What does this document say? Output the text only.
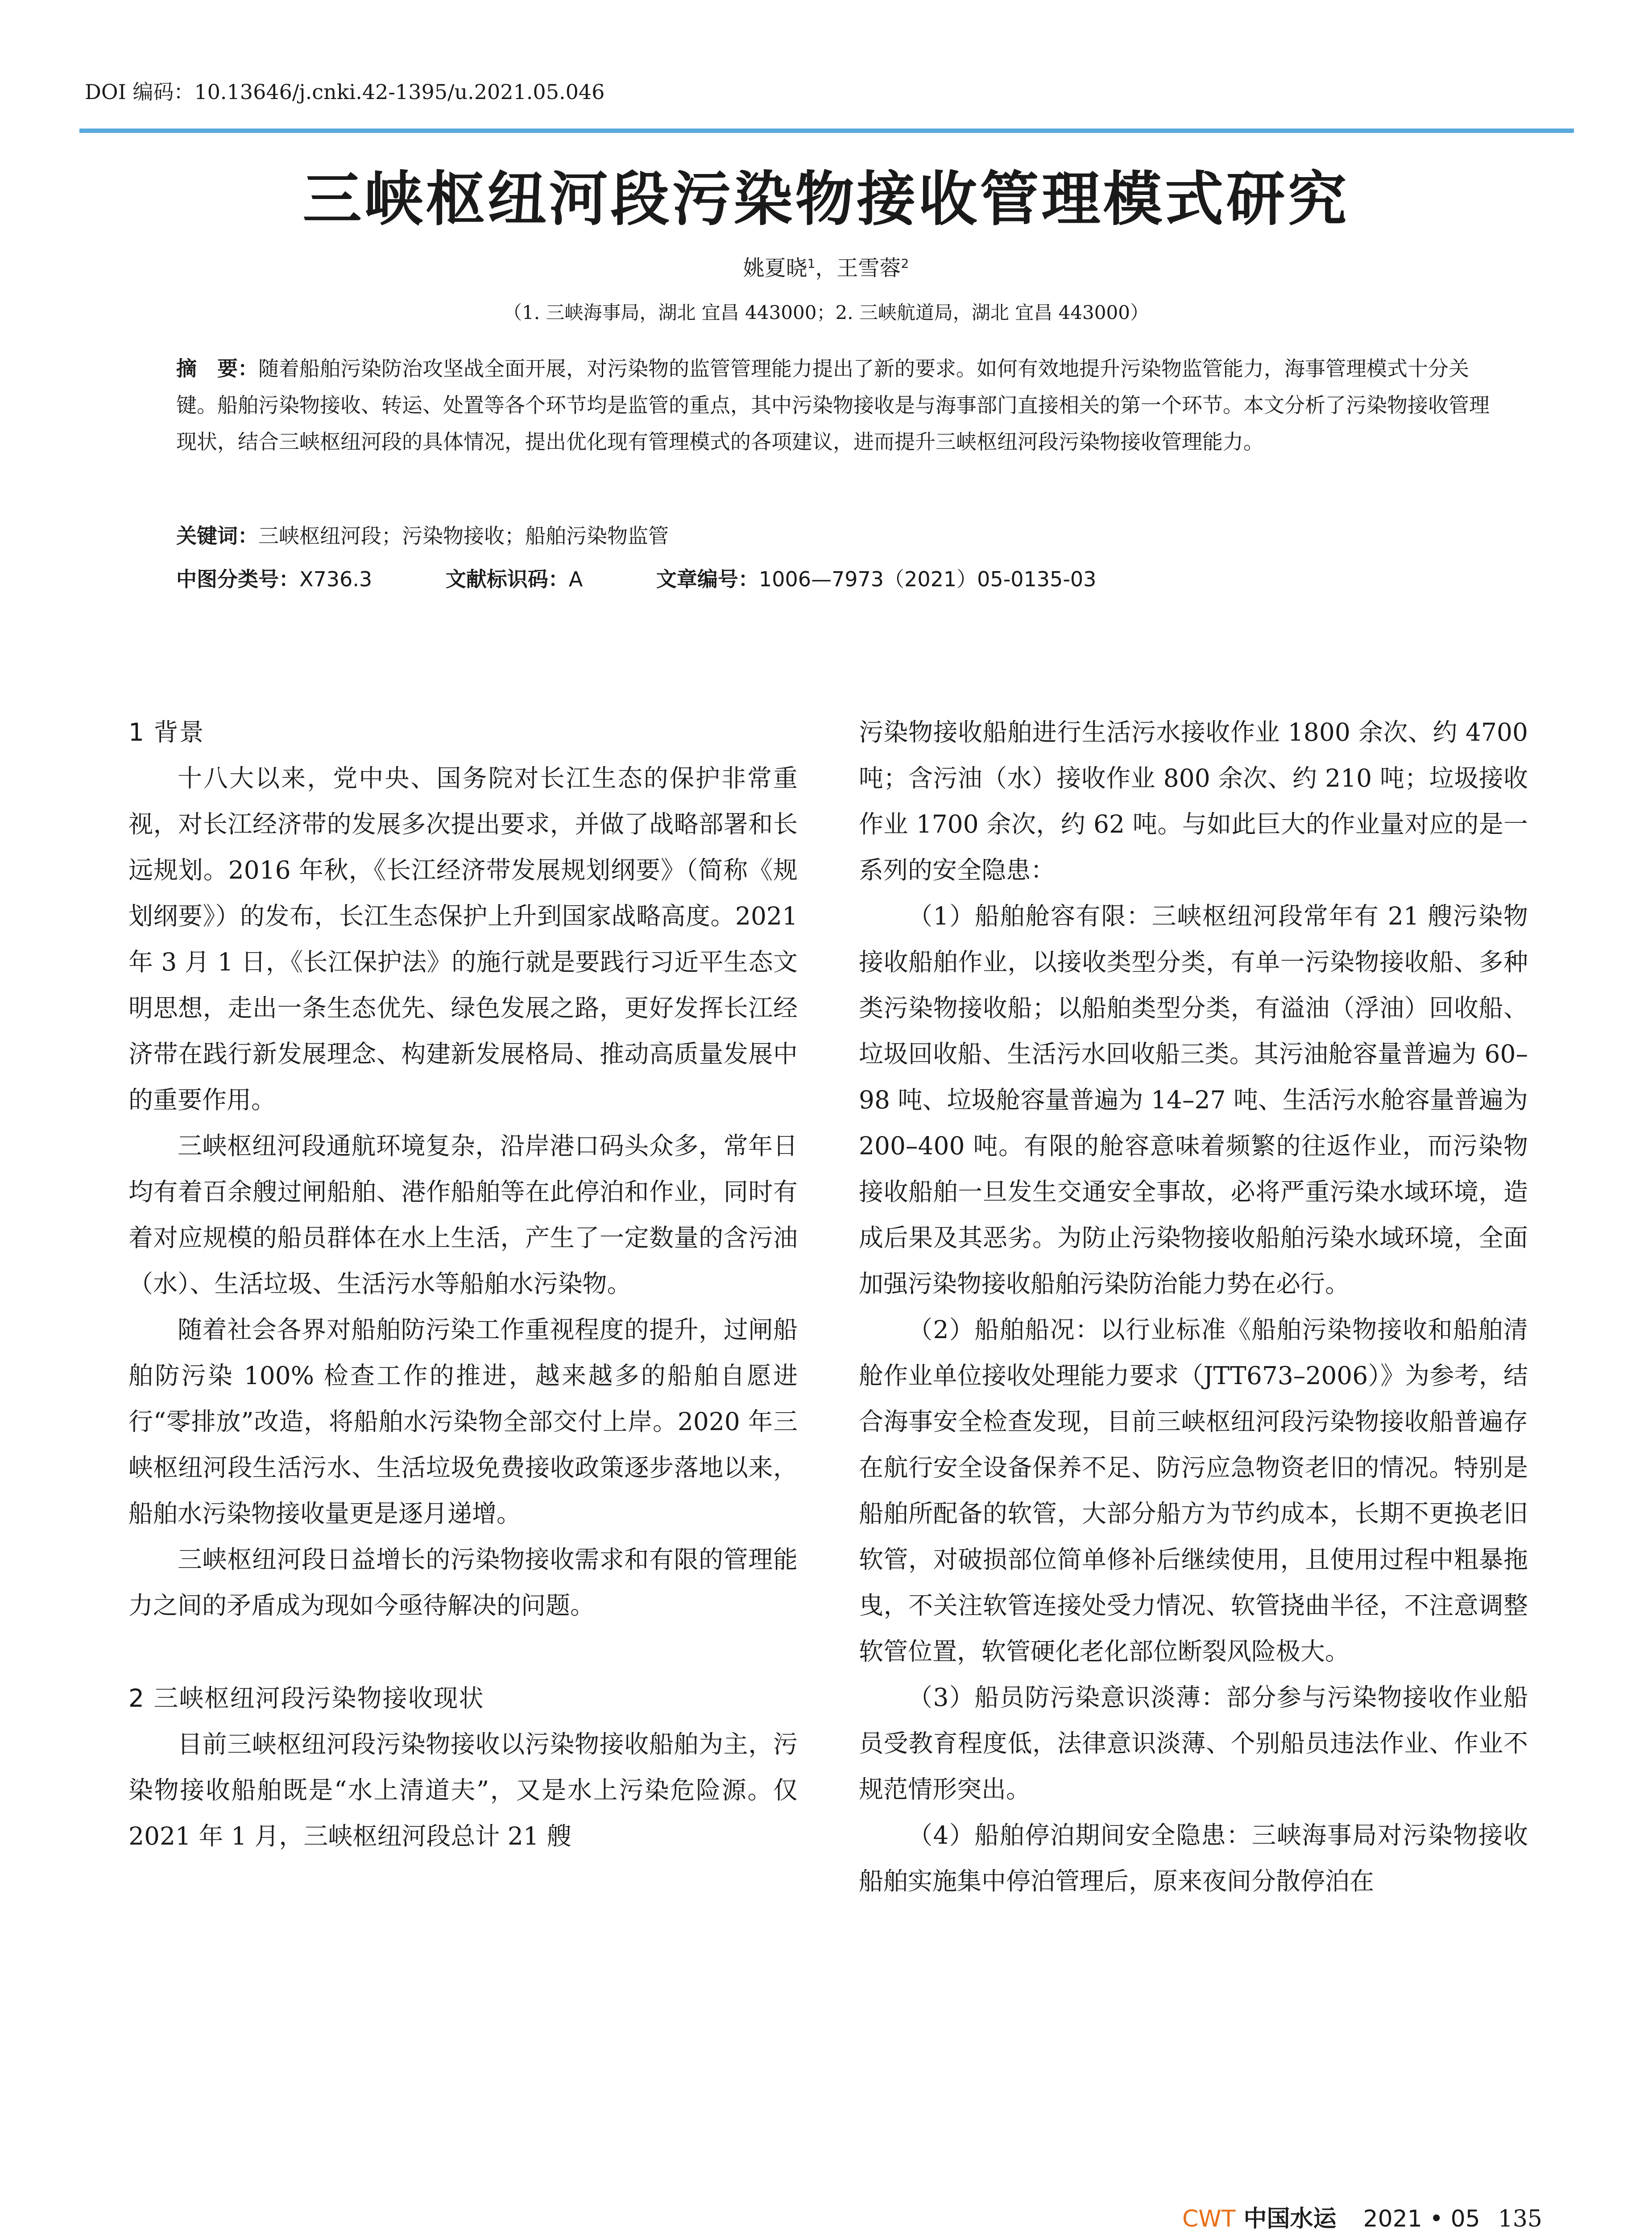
DOI 编码：10.13646/j.cnki.42-1395/u.2021.05.046
三峡枢纽河段污染物接收管理模式研究
姚夏晓$^1$，王雪蓉$^2$
（1. 三峡海事局，湖北 宜昌 443000；2. 三峡航道局，湖北 宜昌 443000）
摘　要：随着船舶污染防治攻坚战全面开展，对污染物的监管管理能力提出了新的要求。如何有效地提升污染物监管能力，海事管理模式十分关键。船舶污染物接收、转运、处置等各个环节均是监管的重点，其中污染物接收是与海事部门直接相关的第一个环节。本文分析了污染物接收管理现状，结合三峡枢纽河段的具体情况，提出优化现有管理模式的各项建议，进而提升三峡枢纽河段污染物接收管理能力。
关键词：三峡枢纽河段；污染物接收；船舶污染物监管
中图分类号：X736.3	文献标识码：A	文章编号：1006—7973（2021）05-0135-03
1 背景

十八大以来，党中央、国务院对长江生态的保护非常重视，对长江经济带的发展多次提出要求，并做了战略部署和长远规划。2016 年秋，《长江经济带发展规划纲要》（简称《规划纲要》）的发布，长江生态保护上升到国家战略高度。2021 年 3 月 1 日，《长江保护法》的施行就是要践行习近平生态文明思想，走出一条生态优先、绿色发展之路，更好发挥长江经济带在践行新发展理念、构建新发展格局、推动高质量发展中的重要作用。

三峡枢纽河段通航环境复杂，沿岸港口码头众多，常年日均有着百余艘过闸船舶、港作船舶等在此停泊和作业，同时有着对应规模的船员群体在水上生活，产生了一定数量的含污油（水）、生活垃圾、生活污水等船舶水污染物。

随着社会各界对船舶防污染工作重视程度的提升，过闸船舶防污染 100% 检查工作的推进，越来越多的船舶自愿进行“零排放”改造，将船舶水污染物全部交付上岸。2020 年三峡枢纽河段生活污水、生活垃圾免费接收政策逐步落地以来，船舶水污染物接收量更是逐月递增。

三峡枢纽河段日益增长的污染物接收需求和有限的管理能力之间的矛盾成为现如今亟待解决的问题。

2 三峡枢纽河段污染物接收现状

目前三峡枢纽河段污染物接收以污染物接收船舶为主，污染物接收船舶既是“水上清道夫”，又是水上污染危险源。仅 2021 年 1 月，三峡枢纽河段总计 21 艘

污染物接收船舶进行生活污水接收作业 1800 余次、约 4700 吨；含污油（水）接收作业 800 余次、约 210 吨；垃圾接收作业 1700 余次，约 62 吨。与如此巨大的作业量对应的是一系列的安全隐患：

（1）船舶舱容有限：三峡枢纽河段常年有 21 艘污染物接收船舶作业，以接收类型分类，有单一污染物接收船、多种类污染物接收船；以船舶类型分类，有溢油（浮油）回收船、垃圾回收船、生活污水回收船三类。其污油舱容量普遍为 60–98 吨、垃圾舱容量普遍为 14–27 吨、生活污水舱容量普遍为 200–400 吨。有限的舱容意味着频繁的往返作业，而污染物接收船舶一旦发生交通安全事故，必将严重污染水域环境，造成后果及其恶劣。为防止污染物接收船舶污染水域环境，全面加强污染物接收船舶污染防治能力势在必行。

（2）船舶船况：以行业标准《船舶污染物接收和船舶清舱作业单位接收处理能力要求（JTT673–2006）》为参考，结合海事安全检查发现，目前三峡枢纽河段污染物接收船普遍存在航行安全设备保养不足、防污应急物资老旧的情况。特别是船舶所配备的软管，大部分船方为节约成本，长期不更换老旧软管，对破损部位简单修补后继续使用，且使用过程中粗暴拖曳，不关注软管连接处受力情况、软管挠曲半径，不注意调整软管位置，软管硬化老化部位断裂风险极大。

（3）船员防污染意识淡薄：部分参与污染物接收作业船员受教育程度低，法律意识淡薄、个别船员违法作业、作业不规范情形突出。

（4）船舶停泊期间安全隐患：三峡海事局对污染物接收船舶实施集中停泊管理后，原来夜间分散停泊在

CWT 中国水运 2021 • 05 135
